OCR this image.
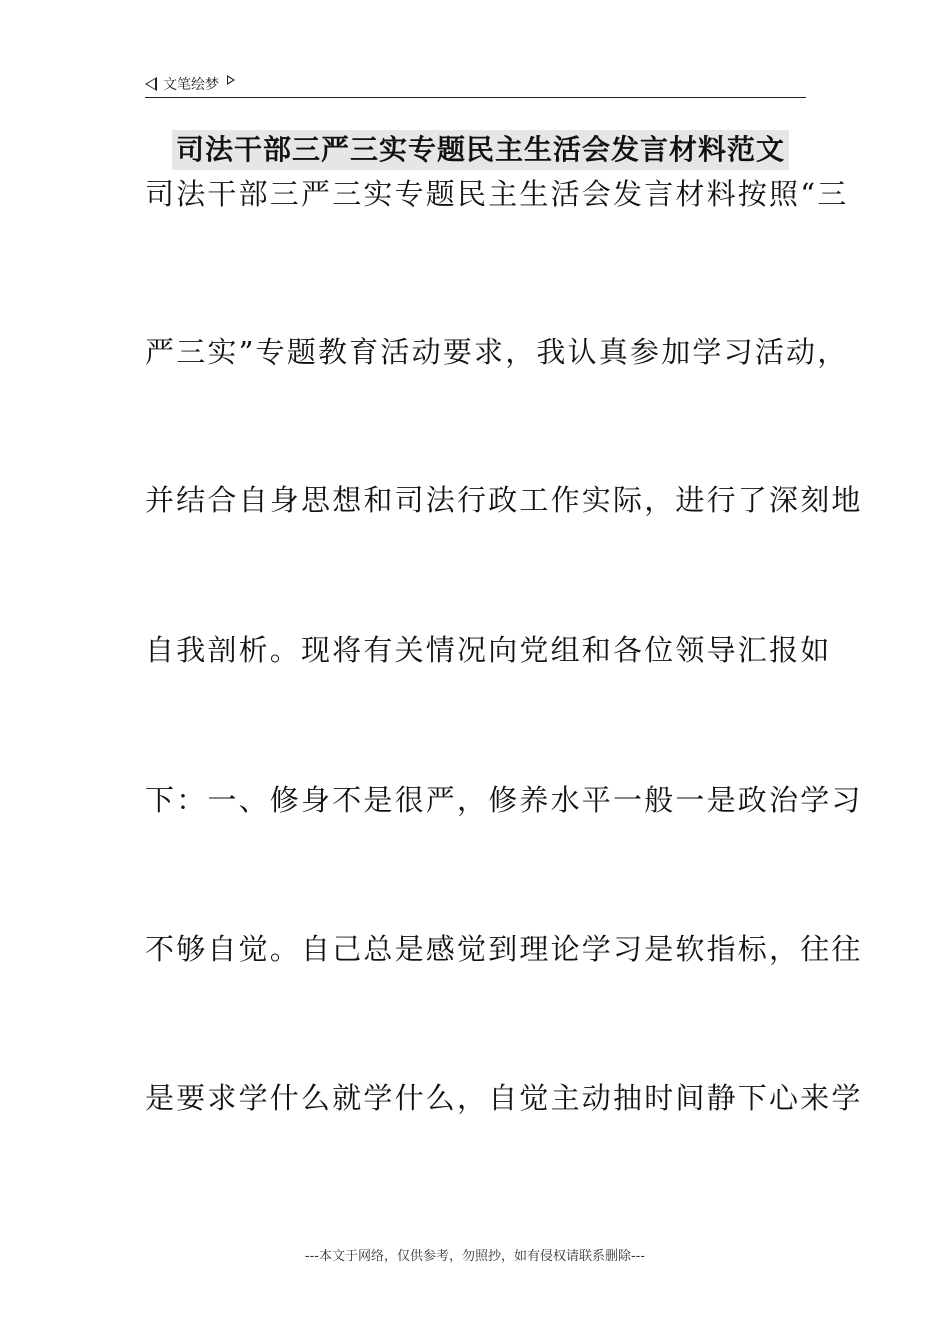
文笔绘梦
司法干部三严三实专题民主生活会发言材料范文
司法干部三严三实专题民主生活会发言材料按照“三
严三实”专题教育活动要求，我认真参加学习活动，
并结合自身思想和司法行政工作实际，进行了深刻地
自我剖析。现将有关情况向党组和各位领导汇报如
下：一、修身不是很严，修养水平一般一是政治学习
不够自觉。自己总是感觉到理论学习是软指标，往往
是要求学什么就学什么，自觉主动抽时间静下心来学
---本文于网络，仅供参考，勿照抄，如有侵权请联系删除---
